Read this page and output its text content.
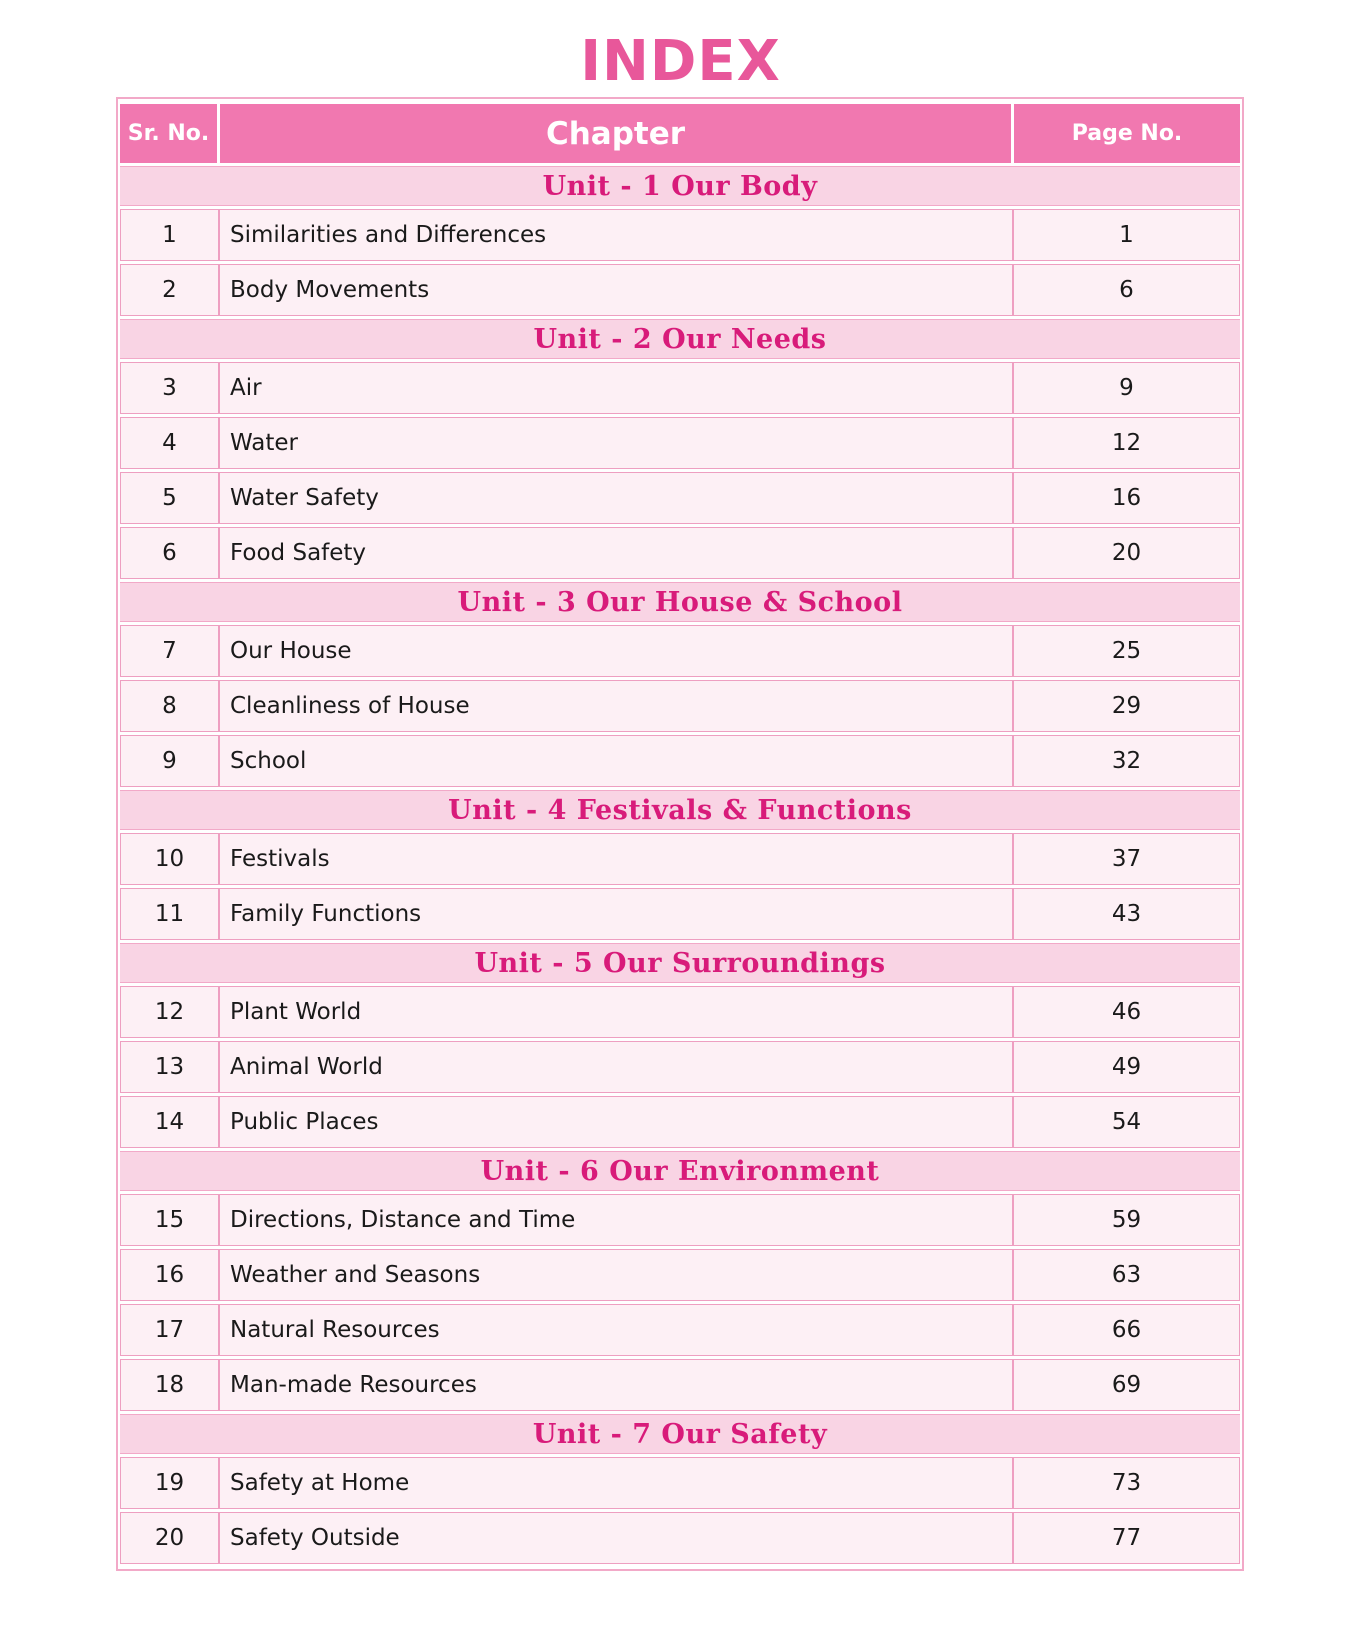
INDEX
Sr. No.	Chapter	Page No.
Unit - 1 Our Body		
1	Similarities and Differences	1
2	Body Movements	6
Unit - 2 Our Needs		
3	Air	9
4	Water	12
5	Water Safety	16
6	Food Safety	20
Unit - 3 Our House & School		
7	Our House	25
8	Cleanliness of House	29
9	School	32
Unit - 4 Festivals & Functions		
10	Festivals	37
11	Family Functions	43
Unit - 5 Our Surroundings		
12	Plant World	46
13	Animal World	49
14	Public Places	54
Unit - 6 Our Environment		
15	Directions, Distance and Time	59
16	Weather and Seasons	63
17	Natural Resources	66
18	Man-made Resources	69
Unit - 7 Our Safety		
19	Safety at Home	73
20	Safety Outside	77
